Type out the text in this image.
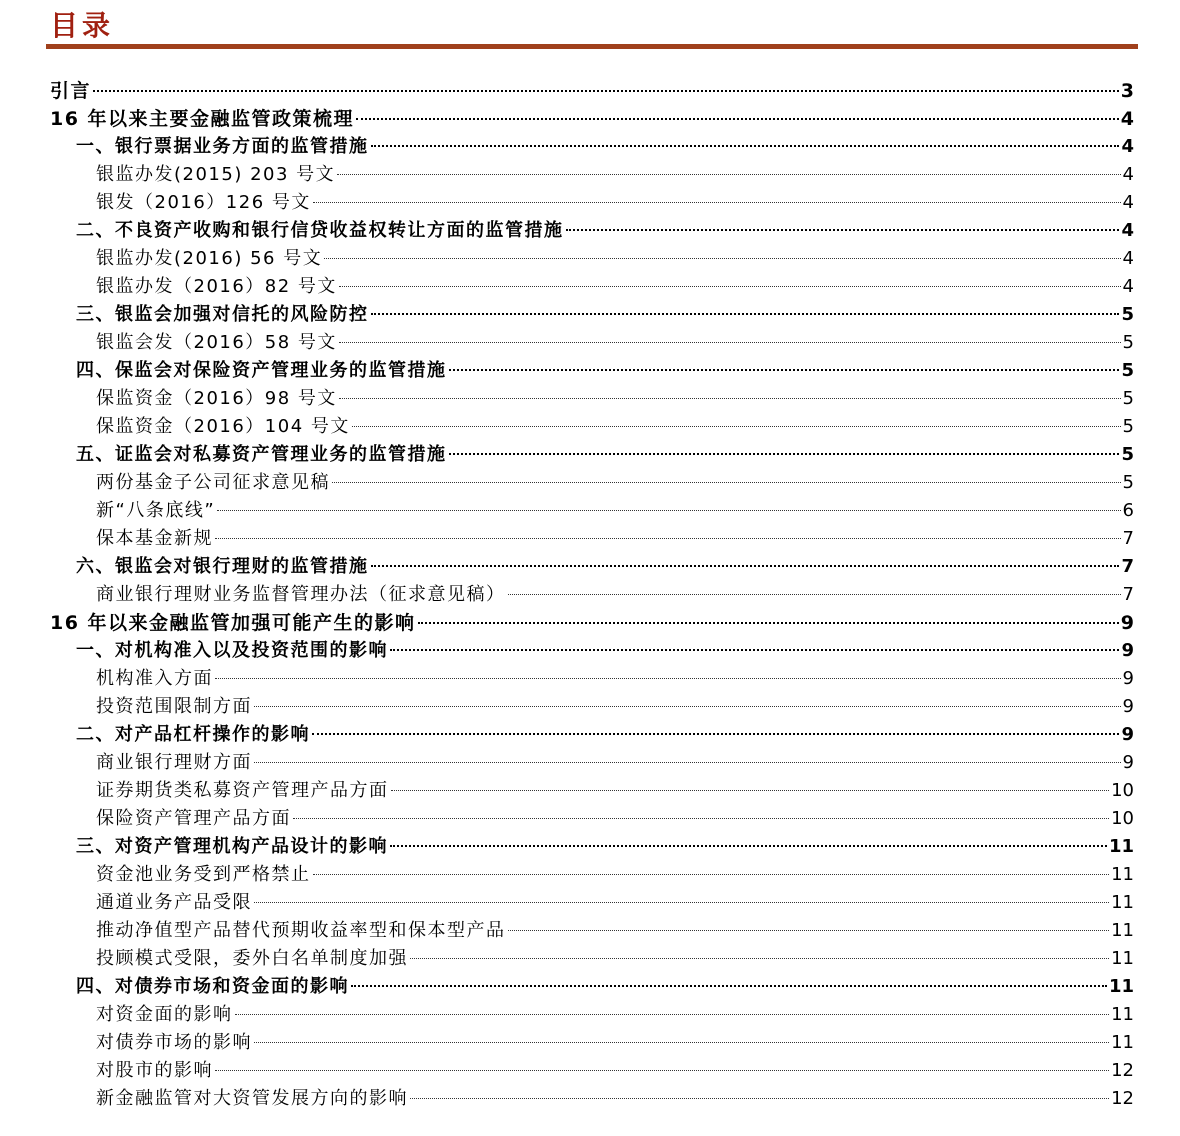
目录
引言	3
16 年以来主要金融监管政策梳理	4
一、银行票据业务方面的监管措施	4
银监办发(2015) 203 号文	4
银发（2016）126 号文	4
二、不良资产收购和银行信贷收益权转让方面的监管措施	4
银监办发(2016) 56 号文	4
银监办发（2016）82 号文	4
三、银监会加强对信托的风险防控	5
银监会发（2016）58 号文	5
四、保监会对保险资产管理业务的监管措施	5
保监资金（2016）98 号文	5
保监资金（2016）104 号文	5
五、证监会对私募资产管理业务的监管措施	5
两份基金子公司征求意见稿	5
新“八条底线”	6
保本基金新规	7
六、银监会对银行理财的监管措施	7
商业银行理财业务监督管理办法（征求意见稿）	7
16 年以来金融监管加强可能产生的影响	9
一、对机构准入以及投资范围的影响	9
机构准入方面	9
投资范围限制方面	9
二、对产品杠杆操作的影响	9
商业银行理财方面	9
证券期货类私募资产管理产品方面	10
保险资产管理产品方面	10
三、对资产管理机构产品设计的影响	11
资金池业务受到严格禁止	11
通道业务产品受限	11
推动净值型产品替代预期收益率型和保本型产品	11
投顾模式受限，委外白名单制度加强	11
四、对债券市场和资金面的影响	11
对资金面的影响	11
对债券市场的影响	11
对股市的影响	12
新金融监管对大资管发展方向的影响	12
